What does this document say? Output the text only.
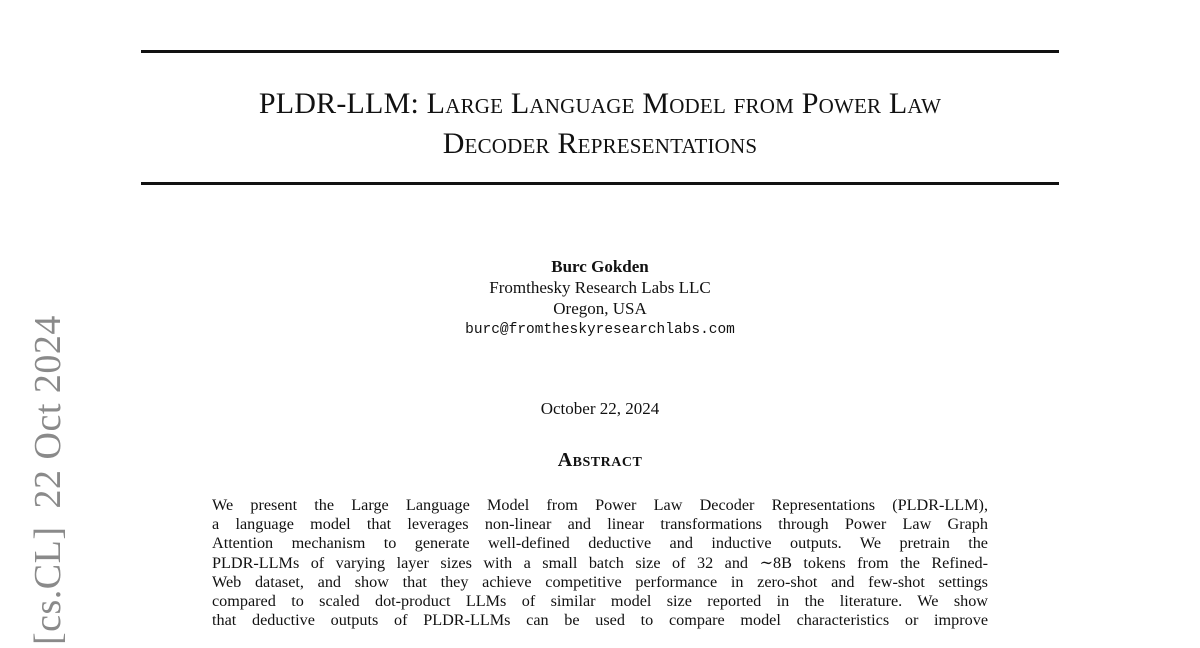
PLDR-LLM: Large Language Model from Power Law
Decoder Representations
Burc Gokden
Fromthesky Research Labs LLC
Oregon, USA
burc@fromtheskyresearchlabs.com
October 22, 2024
Abstract
We present the Large Language Model from Power Law Decoder Representations (PLDR-LLM),
a language model that leverages non-linear and linear transformations through Power Law Graph
Attention mechanism to generate well-defined deductive and inductive outputs. We pretrain the
PLDR-LLMs of varying layer sizes with a small batch size of 32 and ∼8B tokens from the Refined-
Web dataset, and show that they achieve competitive performance in zero-shot and few-shot settings
compared to scaled dot-product LLMs of similar model size reported in the literature. We show
that deductive outputs of PLDR-LLMs can be used to compare model characteristics or improve
[cs.CL]22 Oct 2024
